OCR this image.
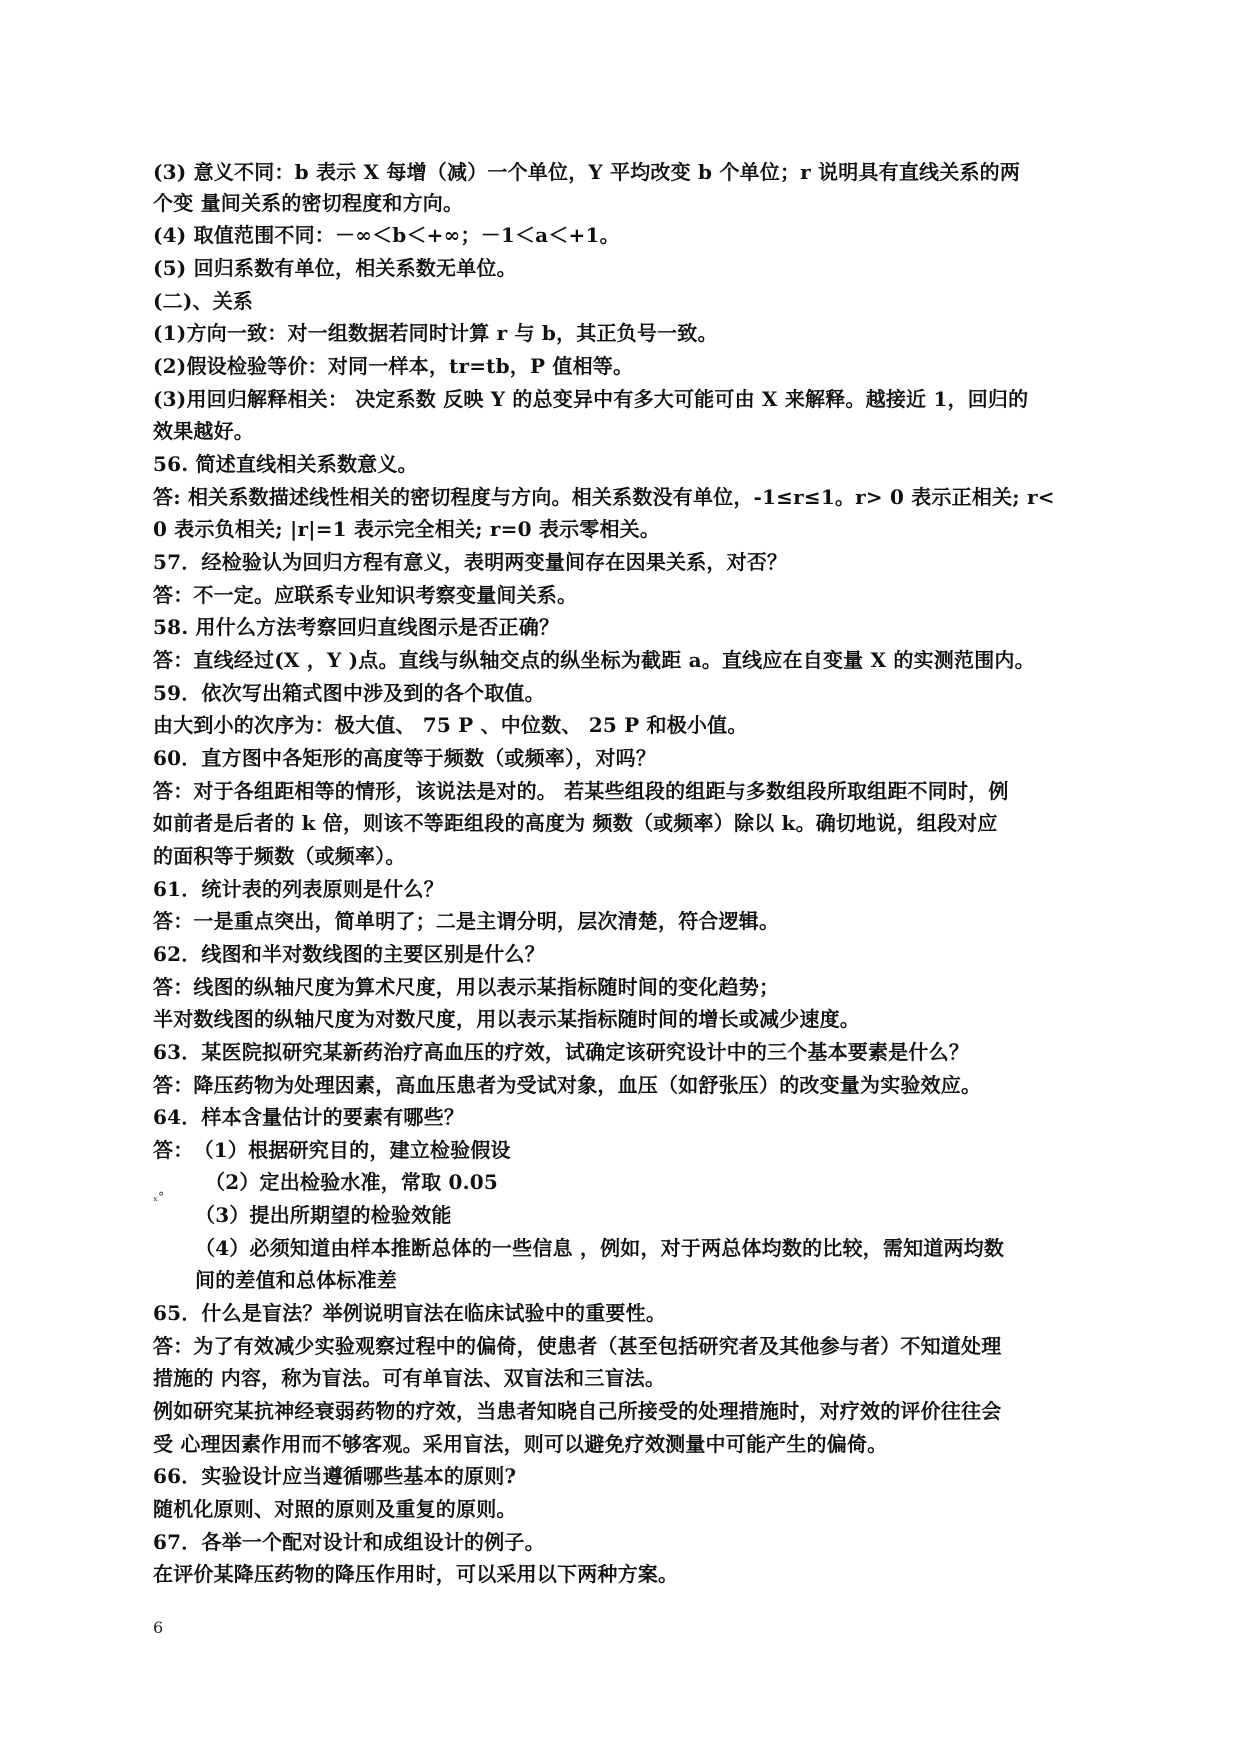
(3) 意义不同：b 表示 X 每增（减）一个单位，Y 平均改变 b 个单位；r 说明具有直线关系的两
个变 量间关系的密切程度和方向。
(4) 取值范围不同：－∞＜b＜+∞；－1＜a＜+1。
(5) 回归系数有单位，相关系数无单位。
(二)、关系
(1)方向一致：对一组数据若同时计算 r 与 b，其正负号一致。
(2)假设检验等价：对同一样本，tr=tb，P 值相等。
(3)用回归解释相关： 决定系数 反映 Y 的总变异中有多大可能可由 X 来解释。越接近 1，回归的
效果越好。
56. 简述直线相关系数意义。
答: 相关系数描述线性相关的密切程度与方向。相关系数没有单位，-1≤r≤1。r> 0 表示正相关; r<
0 表示负相关; |r|=1 表示完全相关; r=0 表示零相关。
57．经检验认为回归方程有意义，表明两变量间存在因果关系，对否？
答：不一定。应联系专业知识考察变量间关系。
58. 用什么方法考察回归直线图示是否正确？
答：直线经过(X ，Y )点。直线与纵轴交点的纵坐标为截距 a。直线应在自变量 X 的实测范围内。
59．依次写出箱式图中涉及到的各个取值。
由大到小的次序为：极大值、 75 P 、中位数、 25 P 和极小值。
60．直方图中各矩形的高度等于频数（或频率），对吗？
答：对于各组距相等的情形，该说法是对的。 若某些组段的组距与多数组段所取组距不同时，例
如前者是后者的 k 倍，则该不等距组段的高度为 频数（或频率）除以 k。确切地说，组段对应
的面积等于频数（或频率）。
61．统计表的列表原则是什么？
答：一是重点突出，简单明了；二是主谓分明，层次清楚，符合逻辑。
62．线图和半对数线图的主要区别是什么？
答：线图的纵轴尺度为算术尺度，用以表示某指标随时间的变化趋势；
半对数线图的纵轴尺度为对数尺度，用以表示某指标随时间的增长或减少速度。
63．某医院拟研究某新药治疗高血压的疗效，试确定该研究设计中的三个基本要素是什么？
答：降压药物为处理因素，高血压患者为受试对象，血压（如舒张压）的改变量为实验效应。
64．样本含量估计的要素有哪些？
答：　（1）根据研究目的，建立检验假设
（2）定出检验水准，常取 0.05
ₓ°
（3）提出所期望的检验效能
（4）必须知道由样本推断总体的一些信息 ，例如，对于两总体均数的比较，需知道两均数
间的差值和总体标准差
65．什么是盲法？举例说明盲法在临床试验中的重要性。
答：为了有效减少实验观察过程中的偏倚，使患者（甚至包括研究者及其他参与者）不知道处理
措施的 内容，称为盲法。可有单盲法、双盲法和三盲法。
例如研究某抗神经衰弱药物的疗效，当患者知晓自己所接受的处理措施时，对疗效的评价往往会
受 心理因素作用而不够客观。采用盲法，则可以避免疗效测量中可能产生的偏倚。
66．实验设计应当遵循哪些基本的原则?
随机化原则、对照的原则及重复的原则。
67．各举一个配对设计和成组设计的例子。
在评价某降压药物的降压作用时，可以采用以下两种方案。
6
